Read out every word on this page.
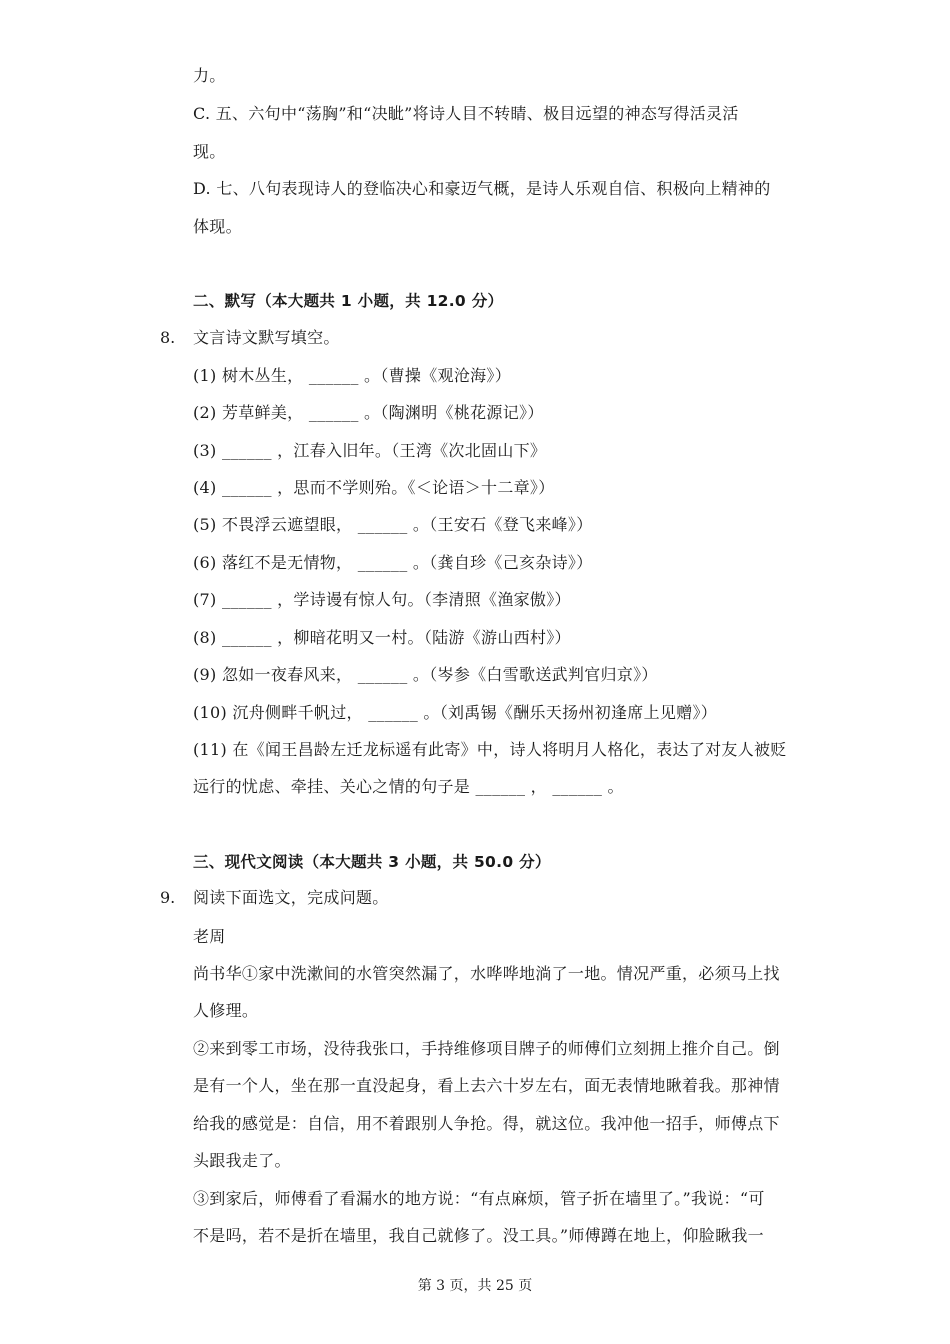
力。
C. 五、六句中“荡胸”和“决眦”将诗人目不转睛、极目远望的神态写得活灵活
现。
D. 七、八句表现诗人的登临决心和豪迈气概，是诗人乐观自信、积极向上精神的
体现。
二、默写（本大题共 1 小题，共 12.0 分）
8. 文言诗文默写填空。
(1) 树木丛生， ______ 。（曹操《观沧海》）
(2) 芳草鲜美， ______ 。（陶渊明《桃花源记》）
(3) ______ ，江春入旧年。（王湾《次北固山下》
(4) ______ ，思而不学则殆。《＜论语＞十二章》）
(5) 不畏浮云遮望眼， ______ 。（王安石《登飞来峰》）
(6) 落红不是无情物， ______ 。（龚自珍《己亥杂诗》）
(7) ______ ，学诗谩有惊人句。（李清照《渔家傲》）
(8) ______ ，柳暗花明又一村。（陆游《游山西村》）
(9) 忽如一夜春风来， ______ 。（岑参《白雪歌送武判官归京》）
(10) 沉舟侧畔千帆过， ______ 。（刘禹锡《酬乐天扬州初逢席上见赠》）
(11) 在《闻王昌龄左迁龙标遥有此寄》中，诗人将明月人格化，表达了对友人被贬
远行的忧虑、牵挂、关心之情的句子是 ______ ， ______ 。
三、现代文阅读（本大题共 3 小题，共 50.0 分）
9. 阅读下面选文，完成问题。
老周
尚书华①家中洗漱间的水管突然漏了，水哗哗地淌了一地。情况严重，必须马上找
人修理。
②来到零工市场，没待我张口，手持维修项目牌子的师傅们立刻拥上推介自己。倒
是有一个人，坐在那一直没起身，看上去六十岁左右，面无表情地瞅着我。那神情
给我的感觉是：自信，用不着跟别人争抢。得，就这位。我冲他一招手，师傅点下
头跟我走了。
③到家后，师傅看了看漏水的地方说：“有点麻烦，管子折在墙里了。”我说：“可
不是吗，若不是折在墙里，我自己就修了。没工具。”师傅蹲在地上，仰脸瞅我一
第 3 页，共 25 页
